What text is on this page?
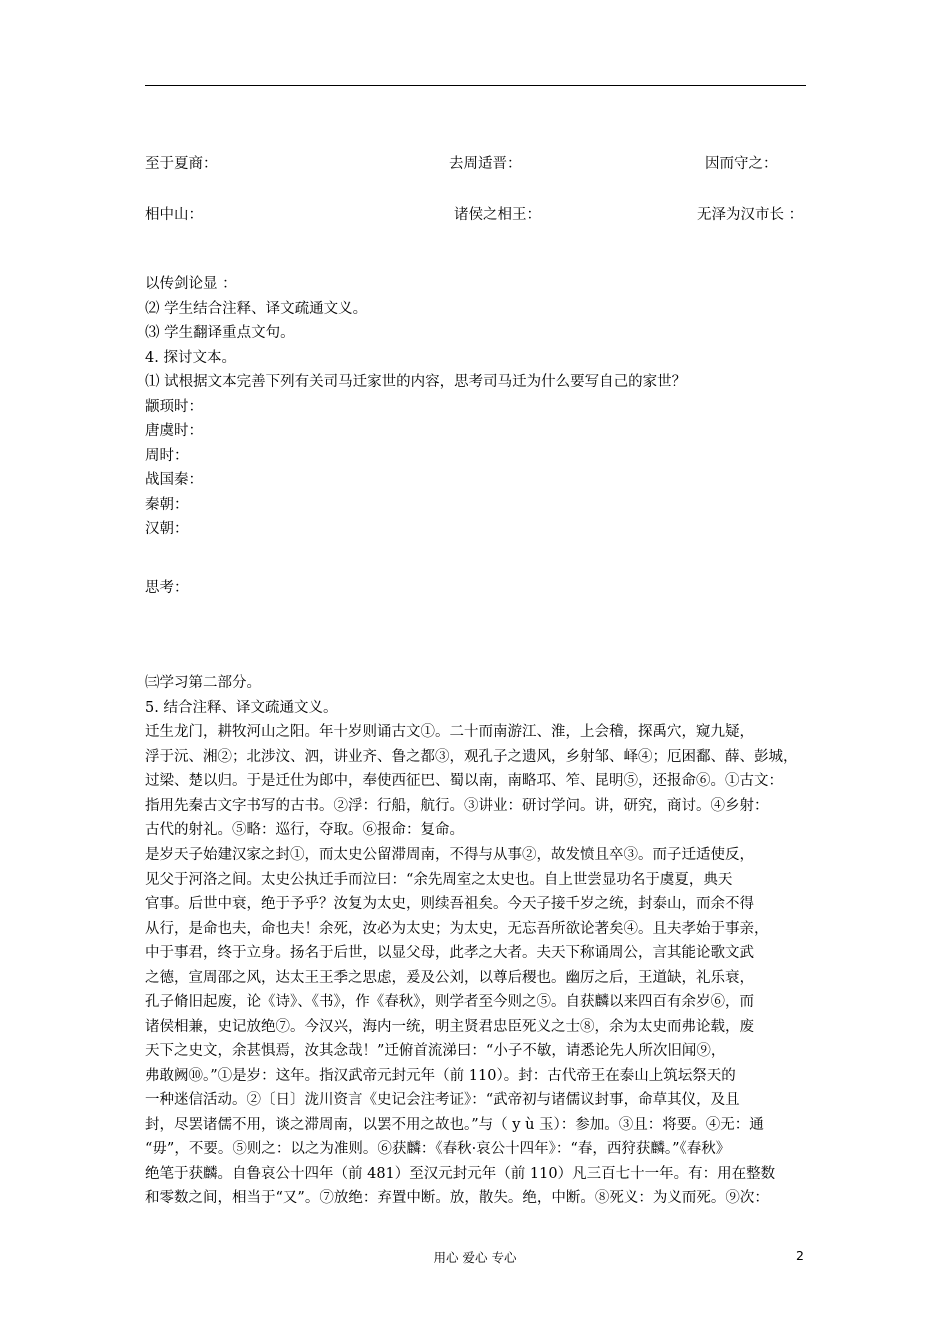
至于夏商：	去周适晋：	因而守之：
相中山：	诸侯之相王：	无泽为汉市长 ：
以传剑论显 ：
⑵ 学生结合注释、译文疏通文义。
⑶ 学生翻译重点文句。
4. 探讨文本。
⑴ 试根据文本完善下列有关司马迁家世的内容，思考司马迁为什么要写自己的家世？
颛顼时：
唐虞时：
周时：
战国秦：
秦朝：
汉朝：
思考：
㈢学习第二部分。
5. 结合注释、译文疏通文义。
迁生龙门，耕牧河山之阳。年十岁则诵古文①。二十而南游江、淮，上会稽，探禹穴，窥九疑，
浮于沅、湘②；北涉汶、泗，讲业齐、鲁之都③，观孔子之遗风，乡射邹、峄④；厄困鄱、薛、彭城，
过梁、楚以归。于是迁仕为郎中，奉使西征巴、蜀以南，南略邛、笮、昆明⑤，还报命⑥。①古文：
指用先秦古文字书写的古书。②浮：行船，航行。③讲业：研讨学问。讲，研究，商讨。④乡射：
古代的射礼。⑤略：巡行，夺取。⑥报命：复命。
是岁天子始建汉家之封①，而太史公留滞周南，不得与从事②，故发愤且卒③。而子迁适使反，
见父于河洛之间。太史公执迁手而泣曰：“余先周室之太史也。自上世尝显功名于虞夏，典天
官事。后世中衰，绝于予乎？汝复为太史，则续吾祖矣。今天子接千岁之统，封泰山，而余不得
从行，是命也夫，命也夫！余死，汝必为太史；为太史，无忘吾所欲论著矣④。且夫孝始于事亲，
中于事君，终于立身。扬名于后世，以显父母，此孝之大者。夫天下称诵周公，言其能论歌文武
之德，宣周邵之风，达太王王季之思虑，爰及公刘，以尊后稷也。幽厉之后，王道缺，礼乐衰，
孔子脩旧起废，论《诗》、《书》，作《春秋》，则学者至今则之⑤。自获麟以来四百有余岁⑥，而
诸侯相兼，史记放绝⑦。今汉兴，海内一统，明主贤君忠臣死义之士⑧，余为太史而弗论载，废
天下之史文，余甚惧焉，汝其念哉！”迁俯首流涕曰：“小子不敏，请悉论先人所次旧闻⑨，
弗敢阙⑩。”①是岁：这年。指汉武帝元封元年（前 110）。封：古代帝王在泰山上筑坛祭天的
一种迷信活动。②〔日〕泷川资言《史记会注考证》：“武帝初与诸儒议封事，命草其仪，及且
封，尽罢诸儒不用，谈之滞周南，以罢不用之故也。”与（ y ù 玉）：参加。③且：将要。④无：通
“毋”，不要。⑤则之：以之为准则。⑥获麟：《春秋·哀公十四年》：“春，西狩获麟。”《春秋》
绝笔于获麟。自鲁哀公十四年（前 481）至汉元封元年（前 110）凡三百七十一年。有：用在整数
和零数之间，相当于“又”。⑦放绝：弃置中断。放，散失。绝，中断。⑧死义：为义而死。⑨次：
用心 爱心 专心	2
